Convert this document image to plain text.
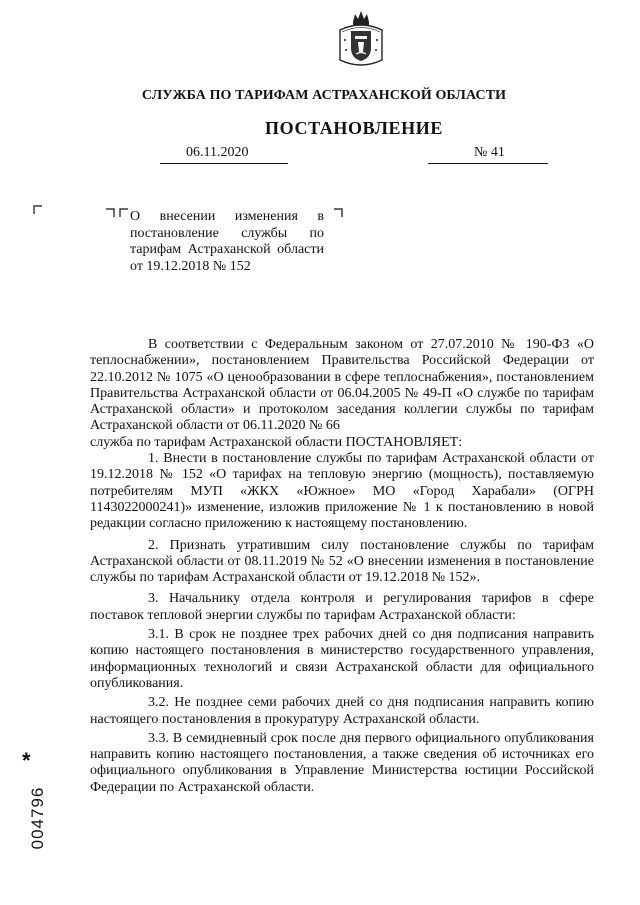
СЛУЖБА ПО ТАРИФАМ АСТРАХАНСКОЙ ОБЛАСТИ
ПОСТАНОВЛЕНИЕ
06.11.2020	№ 41
О внесении изменения в постановление службы по тарифам Астраханской области от 19.12.2018 № 152

В соответствии с Федеральным законом от 27.07.2010 № 190-ФЗ «О теплоснабжении», постановлением Правительства Российской Федерации от 22.10.2012 № 1075 «О ценообразовании в сфере теплоснабжения», постановлением Правительства Астраханской области от 06.04.2005 № 49-П «О службе по тарифам Астраханской области» и протоколом заседания коллегии службы по тарифам Астраханской области от 06.11.2020 № 66

служба по тарифам Астраханской области ПОСТАНОВЛЯЕТ:

1. Внести в постановление службы по тарифам Астраханской области от 19.12.2018 № 152 «О тарифах на тепловую энергию (мощность), поставляемую потребителям МУП «ЖКХ «Южное» МО «Город Харабали» (ОГРН 1143022000241)» изменение, изложив приложение № 1 к постановлению в новой редакции согласно приложению к настоящему постановлению.

2. Признать утратившим силу постановление службы по тарифам Астраханской области от 08.11.2019 № 52 «О внесении изменения в постановление службы по тарифам Астраханской области от 19.12.2018 № 152».

3. Начальнику отдела контроля и регулирования тарифов в сфере поставок тепловой энергии службы по тарифам Астраханской области:

3.1. В срок не позднее трех рабочих дней со дня подписания направить копию настоящего постановления в министерство государственного управления, информационных технологий и связи Астраханской области для официального опубликования.

3.2. Не позднее семи рабочих дней со дня подписания направить копию настоящего постановления в прокуратуру Астраханской области.

3.3. В семидневный срок после дня первого официального опубликования направить копию настоящего постановления, а также сведения об источниках его официального опубликования в Управление Министерства юстиции Российской Федерации по Астраханской области.

*
004796
